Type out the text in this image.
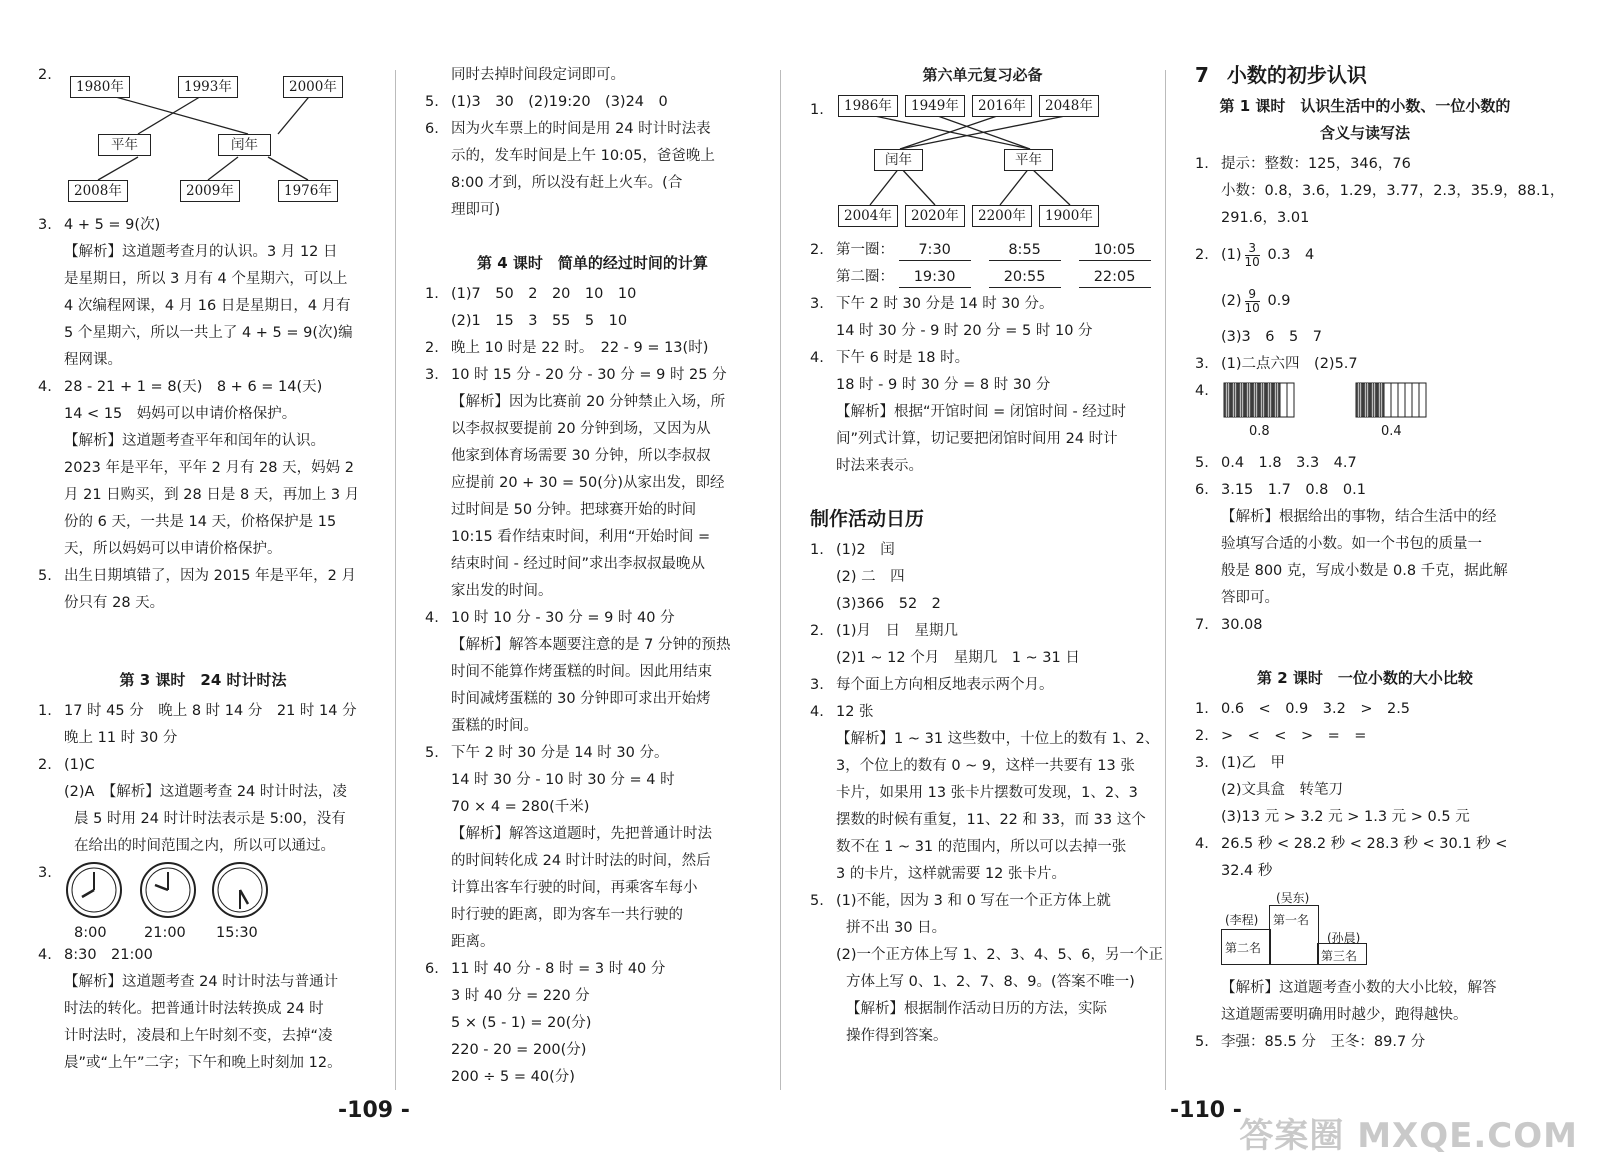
2.
1980年	1993年	2000年
平年	闰年
2008年	2009年	1976年
3. 4 + 5 = 9(次)
【解析】这道题考查月的认识。3 月 12 日
是星期日，所以 3 月有 4 个星期六，可以上
4 次编程网课，4 月 16 日是星期日，4 月有
5 个星期六，所以一共上了 4 + 5 = 9(次)编
程网课。
4. 28 - 21 + 1 = 8(天)　8 + 6 = 14(天)
14 < 15　妈妈可以申请价格保护。
【解析】这道题考查平年和闰年的认识。
2023 年是平年，平年 2 月有 28 天，妈妈 2
月 21 日购买，到 28 日是 8 天，再加上 3 月
份的 6 天，一共是 14 天，价格保护是 15
天，所以妈妈可以申请价格保护。
5. 出生日期填错了，因为 2015 年是平年，2 月
份只有 28 天。
第 3 课时　24 时计时法
1. 17 时 45 分　晚上 8 时 14 分　21 时 14 分
晚上 11 时 30 分
2. (1)C
(2)A　【解析】这道题考查 24 时计时法，凌
晨 5 时用 24 时计时法表示是 5:00，没有
在给出的时间范围之内，所以可以通过。
3.
8:00	21:00 15:30
4. 8:30　21:00
【解析】这道题考查 24 时计时法与普通计
时法的转化。把普通计时法转换成 24 时
计时法时，凌晨和上午时刻不变，去掉“凌
晨”或“上午”二字；下午和晚上时刻加 12。
同时去掉时间段定词即可。
5. (1)3　30　(2)19:20　(3)24　0
6. 因为火车票上的时间是用 24 时计时法表
示的，发车时间是上午 10:05，爸爸晚上
8:00 才到，所以没有赶上火车。(合
理即可)
第 4 课时　简单的经过时间的计算
1. (1)7　50　2　20　10　10
(2)1　15　3　55　5　10
2. 晚上 10 时是 22 时。　22 - 9 = 13(时)
3. 10 时 15 分 - 20 分 - 30 分 = 9 时 25 分
【解析】因为比赛前 20 分钟禁止入场，所
以李叔叔要提前 20 分钟到场，又因为从
他家到体育场需要 30 分钟，所以李叔叔
应提前 20 + 30 = 50(分)从家出发，即经
过时间是 50 分钟。把球赛开始的时间
10:15 看作结束时间，利用“开始时间 =
结束时间 - 经过时间”求出李叔叔最晚从
家出发的时间。
4. 10 时 10 分 - 30 分 = 9 时 40 分
【解析】解答本题要注意的是 7 分钟的预热
时间不能算作烤蛋糕的时间。因此用结束
时间减烤蛋糕的 30 分钟即可求出开始烤
蛋糕的时间。
5. 下午 2 时 30 分是 14 时 30 分。
14 时 30 分 - 10 时 30 分 = 4 时
70 × 4 = 280(千米)
【解析】解答这道题时，先把普通计时法
的时间转化成 24 时计时法的时间，然后
计算出客车行驶的时间，再乘客车每小
时行驶的距离，即为客车一共行驶的
距离。
6. 11 时 40 分 - 8 时 = 3 时 40 分
3 时 40 分 = 220 分
5 × (5 - 1) = 20(分)
220 - 20 = 200(分)
200 ÷ 5 = 40(分)
第六单元复习必备
1.	1986年	1949年	2016年	2048年
闰年	平年
2004年	2020年	2200年	1900年
2. 第一圈： 7:30	8:55	10:05
第二圈： 19:30	20:55	22:05
3. 下午 2 时 30 分是 14 时 30 分。
14 时 30 分 - 9 时 20 分 = 5 时 10 分
4. 下午 6 时是 18 时。
18 时 - 9 时 30 分 = 8 时 30 分
【解析】根据“开馆时间 = 闭馆时间 - 经过时
间”列式计算，切记要把闭馆时间用 24 时计
时法来表示。
制作活动日历
1. (1)2　闰
(2) 二　四
(3)366　52　2
2. (1)月　日　星期几
(2)1 ~ 12 个月　星期几　1 ~ 31 日
3. 每个面上方向相反地表示两个月。
4. 12 张
【解析】1 ~ 31 这些数中，十位上的数有 1、2、
3，个位上的数有 0 ~ 9，这样一共要有 13 张
卡片，如果用 13 张卡片摆数可发现，1、2、3
摆数的时候有重复，11、22 和 33，而 33 这个
数不在 1 ~ 31 的范围内，所以可以去掉一张
3 的卡片，这样就需要 12 张卡片。
5. (1)不能，因为 3 和 0 写在一个正方体上就
拼不出 30 日。
(2)一个正方体上写 1、2、3、4、5、6，另一个正
方体上写 0、1、2、7、8、9。(答案不唯一)
【解析】根据制作活动日历的方法，实际
操作得到答案。
7 小数的初步认识
第 1 课时　认识生活中的小数、一位小数的
含义与读写法
1. 提示：整数：125，346，76
小数：0.8，3.6，1.29，3.77，2.3，35.9，88.1，
291.6，3.01
2. $(1) \frac{3}{10} 0.3$　4
$(2) \frac{9}{10} 0.9$
(3)3　6　5　7
3. (1)二点六四　(2)5.7
4.
0.8	0.4
5. 0.4　1.8　3.3　4.7
6. 3.15　1.7　0.8　0.1
【解析】根据给出的事物，结合生活中的经
验填写合适的小数。如一个书包的质量一
般是 800 克，写成小数是 0.8 千克，据此解
答即可。
7. 30.08
第 2 课时　一位小数的大小比较
1. 0.6　<　0.9　3.2　>　2.5
2. >　<　<　>　=　=
3. (1)乙　甲
(2)文具盒　转笔刀
(3)13 元 > 3.2 元 > 1.3 元 > 0.5 元
4. 26.5 秒 < 28.2 秒 < 28.3 秒 < 30.1 秒 <
32.4 秒
(吴东)
(李程)
(孙晨)
第二名
第一名
第三名
【解析】这道题考查小数的大小比较，解答
这道题需要明确用时越少，跑得越快。
5. 李强：85.5 分　王冬：89.7 分
-109 -	-110 -
答案圈 MXQE.COM
